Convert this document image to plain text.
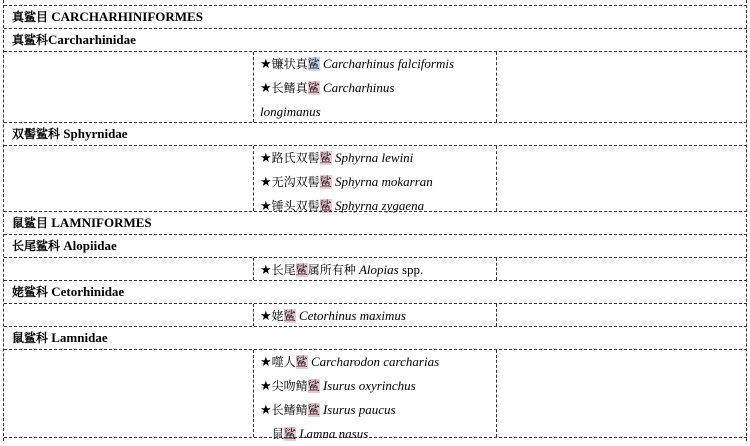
真鲨目 CARCHARHINIFORMES
真鲨科Carcharhinidae
★镰状真鲨 Carcharhinus falciformis
★长鳍真鲨 Carcharhinus
longimanus
双髻鲨科 Sphyrnidae
★路氏双髻鲨 Sphyrna lewini
★无沟双髻鲨 Sphyrna mokarran
★锤头双髻鲨 Sphyrna zygaena
鼠鲨目 LAMNIFORMES
长尾鲨科 Alopiidae
★长尾鲨属所有种 Alopias spp.
姥鲨科 Cetorhinidae
★姥鲨 Cetorhinus maximus
鼠鲨科 Lamnidae
★噬人鲨 Carcharodon carcharias
★尖吻鲭鲨 Isurus oxyrinchus
★长鳍鲭鲨 Isurus paucus
鼠鲨 Lamna nasus
